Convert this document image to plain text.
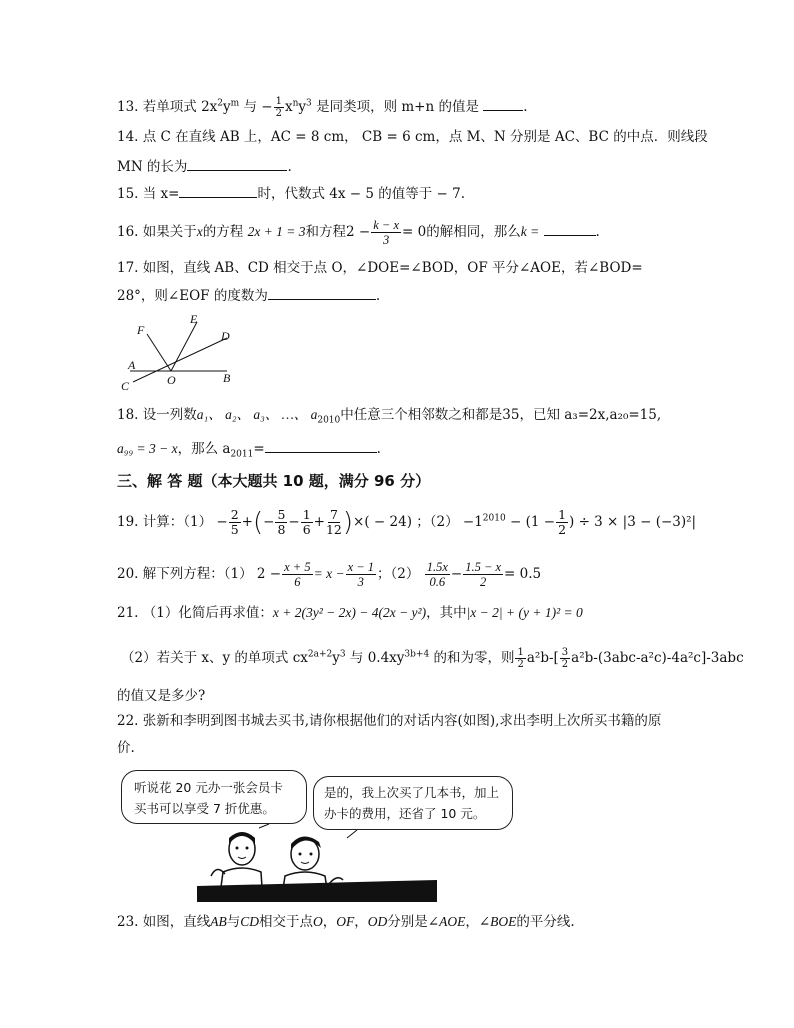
13. 若单项式 $2x^2y^m$ 与 − $\frac{1}{2} x^ny^3$ 是同类项，则 m+n 的值是	.
14. 点 C 在直线 AB 上，AC = 8 cm， CB = 6 cm，点 M、N 分别是 AC、BC 的中点．则线段
MN 的长为	.
15. 当 x=	时，代数式 4x − 5 的值等于 − 7.
16. 如果关于x的方程 2x + 1 = 3和方程$2 - \frac{k - x}{3} = 0$的解相同，那么k =	.
17. 如图，直线 AB、CD 相交于点 O，∠DOE=∠BOD，OF 平分∠AOE，若∠BOD=
28°，则∠EOF 的度数为	.
F
E
D
A
O	B
C
18. 设一列数a₁、 a₂、 a₃、 …、 $a_{2010}$中任意三个相邻数之和都是35，已知 a₃=2x,a₂₀=15,
a₉₉ = 3 − x，那么 $a_{2011}=$	.
三、解 答 题（本大题共 10 题，满分 96 分）
19. 计算：$(1) - \frac{2}{5}$ +(− $\frac{5}{8} - \frac{1}{6} + \frac{7}{12}$ )×( − 24) ；$(2) -1^{2010} - (1 - \frac{1}{2}$ ) ÷ 3 × |3 − (−3)²|
20. 解下列方程：（1） $2 - \frac{x + 5}{6} = x - \frac{x - 1}{3}$ ；$(2) \frac{1.5x}{0.6} - \frac{1.5 - x}{2} = 0.5$
21. （1）化简后再求值：x + 2(3y² − 2x) − 4(2x − y²)，其中|x − 2| + (y + 1)² = 0
（2）若关于 x、y 的单项式 $cx^{2a+2}y^3$ 与 $0.4xy^{3b+4}$ 的和为零，则 $\frac{1}{2} a^2b-[ \frac{3}{2} a^2b-(3abc-a^2c)-4a^2c]-3abc$
的值又是多少?
22. 张新和李明到图书城去买书,请你根据他们的对话内容(如图),求出李明上次所买书籍的原
价.
听说花 20 元办一张会员卡
买书可以享受 7 折优惠。
是的，我上次买了几本书，加上
办卡的费用，还省了 10 元。
23. 如图，直线AB与CD相交于点O，OF，OD分别是∠AOE，∠BOE的平分线.
